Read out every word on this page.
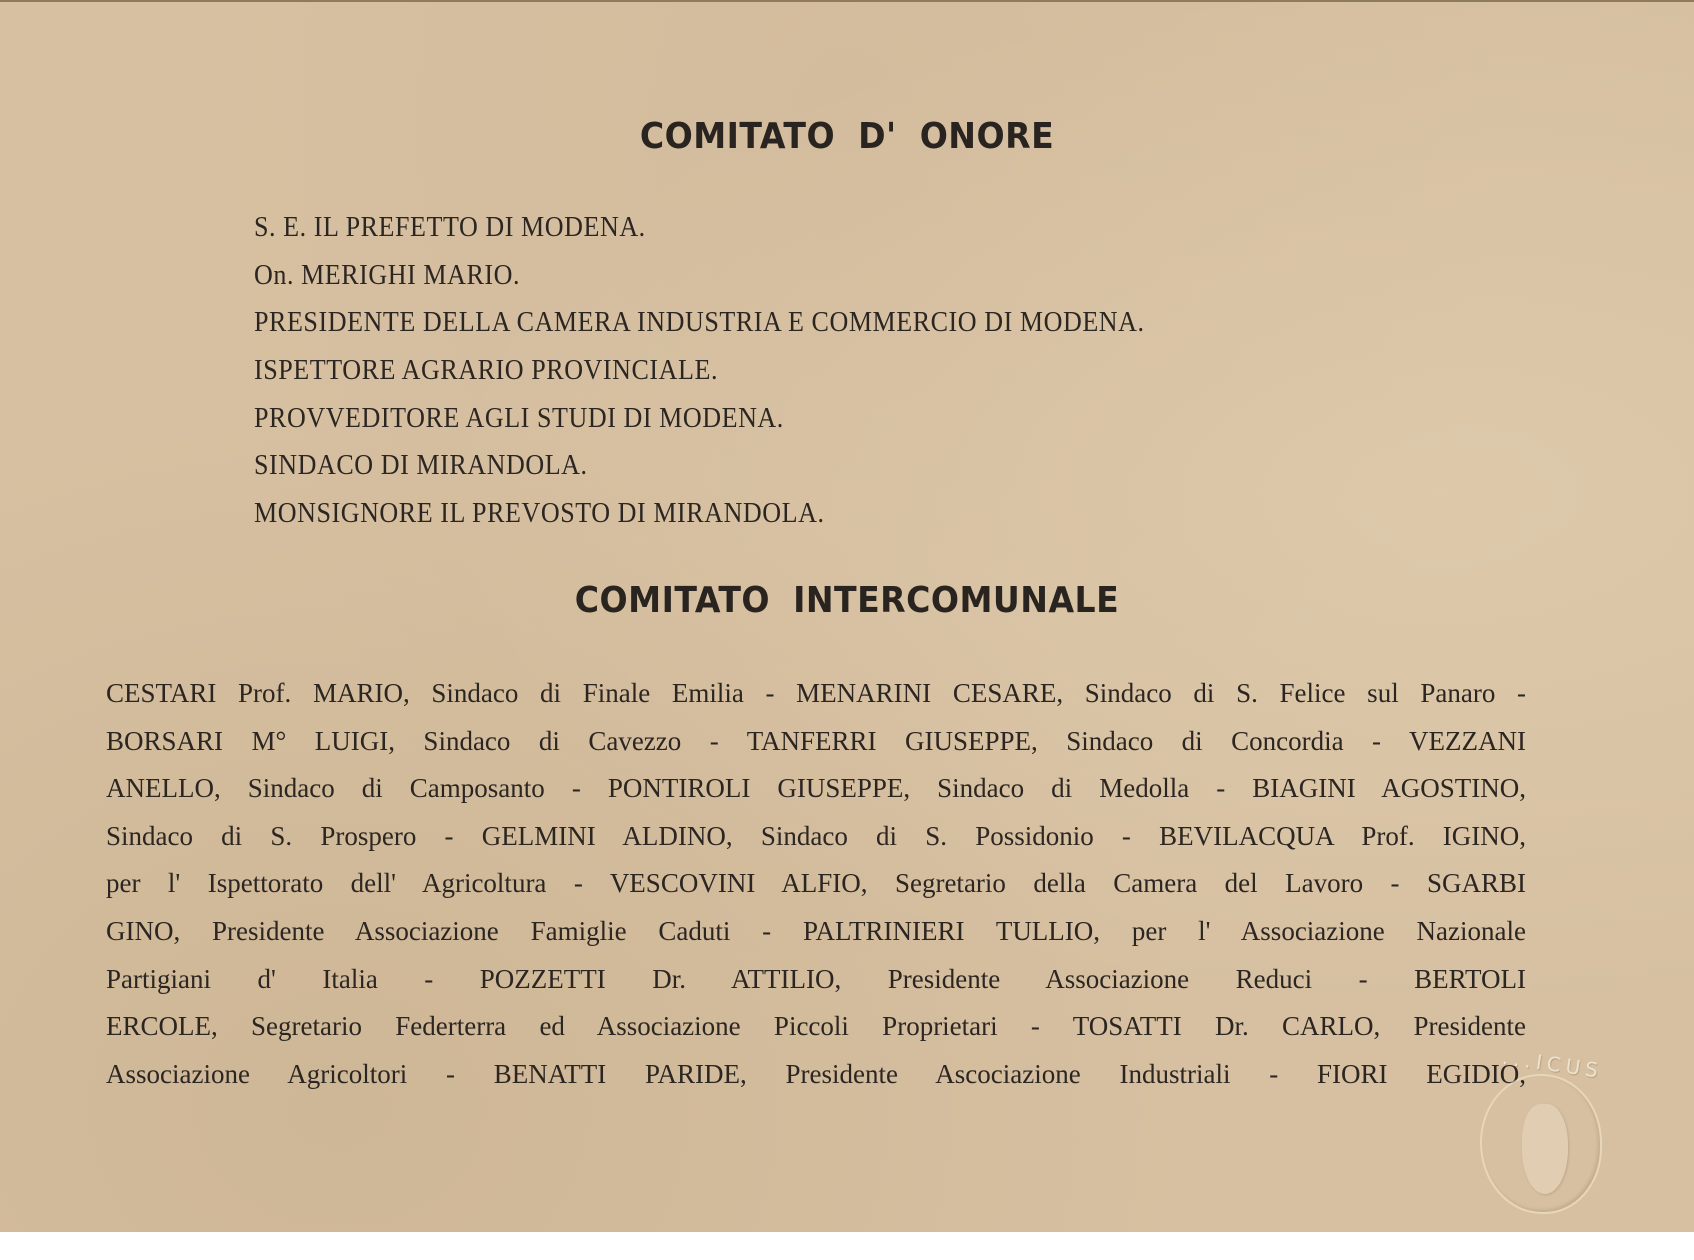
COMITATO D' ONORE
S. E. IL PREFETTO DI MODENA.
On. MERIGHI MARIO.
PRESIDENTE DELLA CAMERA INDUSTRIA E COMMERCIO DI MODENA.
ISPETTORE AGRARIO PROVINCIALE.
PROVVEDITORE AGLI STUDI DI MODENA.
SINDACO DI MIRANDOLA.
MONSIGNORE IL PREVOSTO DI MIRANDOLA.
COMITATO INTERCOMUNALE
CESTARI Prof. MARIO, Sindaco di Finale Emilia - MENARINI CESARE, Sindaco di S. Felice sul Panaro -
BORSARI M° LUIGI, Sindaco di Cavezzo - TANFERRI GIUSEPPE, Sindaco di Concordia - VEZZANI
ANELLO, Sindaco di Camposanto - PONTIROLI GIUSEPPE, Sindaco di Medolla - BIAGINI AGOSTINO,
Sindaco di S. Prospero - GELMINI ALDINO, Sindaco di S. Possidonio - BEVILACQUA Prof. IGINO,
per l' Ispettorato dell' Agricoltura - VESCOVINI ALFIO, Segretario della Camera del Lavoro - SGARBI
GINO, Presidente Associazione Famiglie Caduti - PALTRINIERI TULLIO, per l' Associazione Nazionale
Partigiani d' Italia - POZZETTI Dr. ATTILIO, Presidente Associazione Reduci - BERTOLI
ERCOLE, Segretario Federterra ed Associazione Piccoli Proprietari - TOSATTI Dr. CARLO, Presidente
Associazione Agricoltori - BENATTI PARIDE, Presidente Ascociazione Industriali - FIORI EGIDIO,
...ICUS
